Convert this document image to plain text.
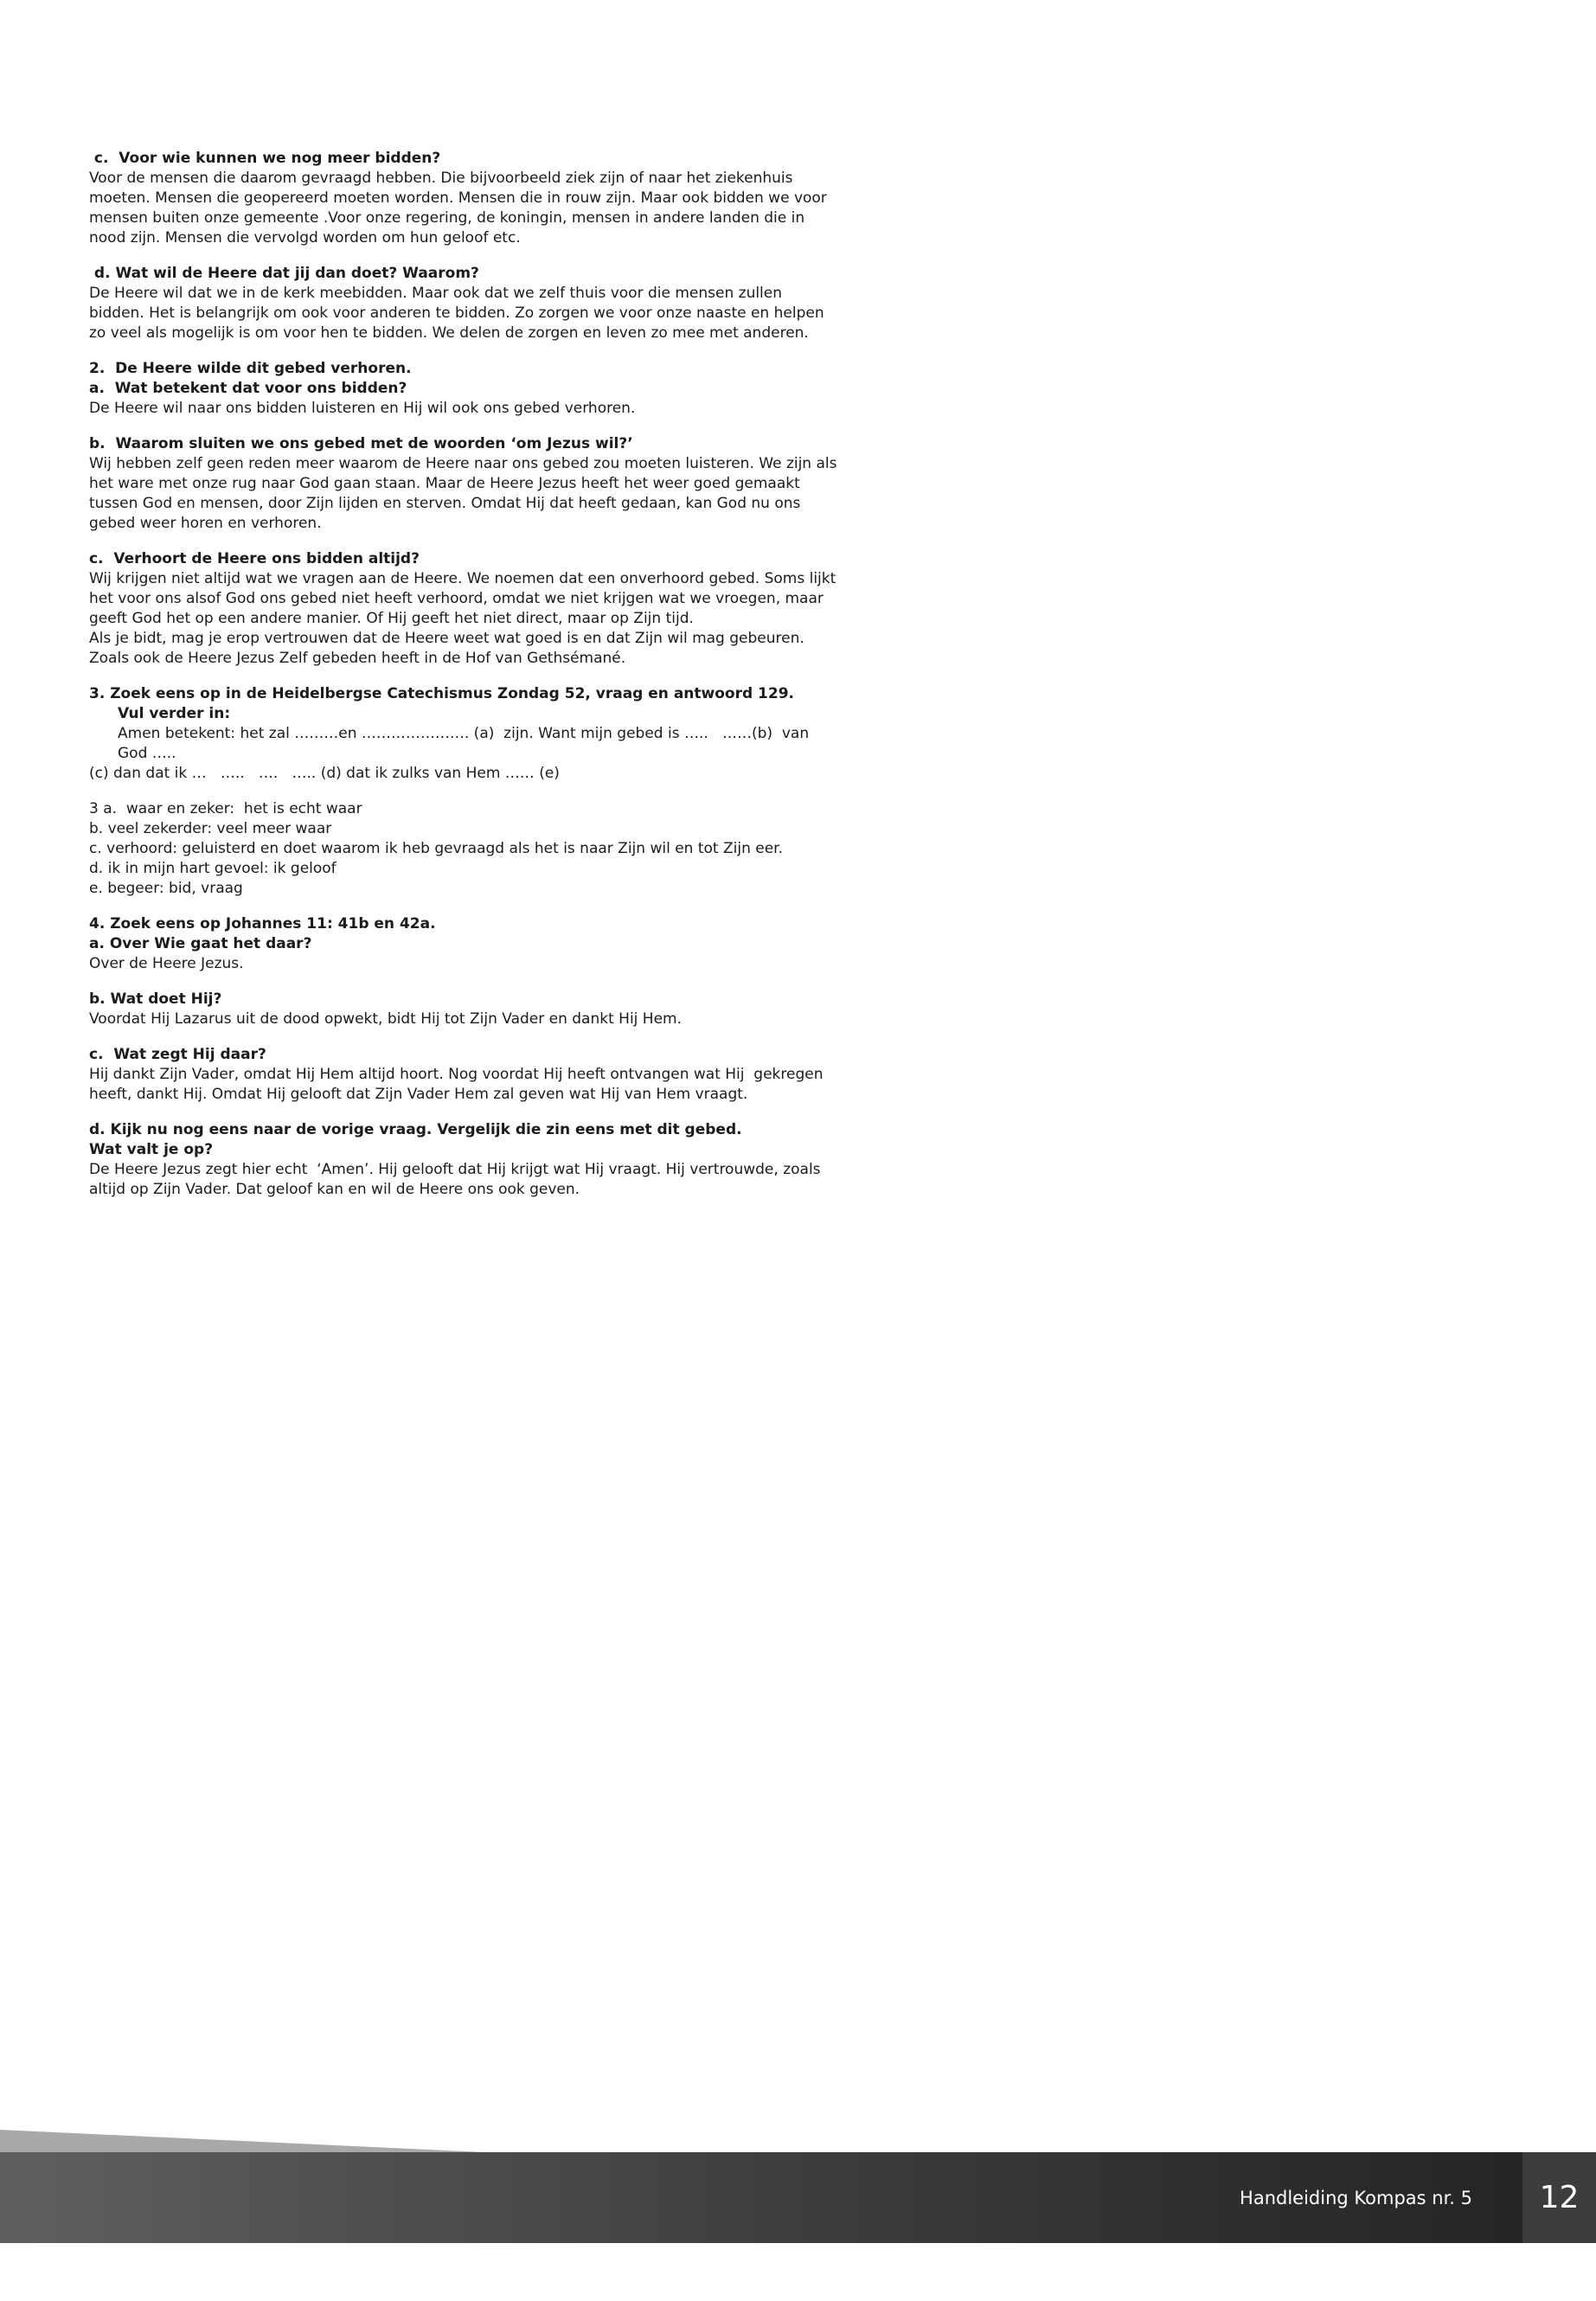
c.  Voor wie kunnen we nog meer bidden?

Voor de mensen die daarom gevraagd hebben. Die bijvoorbeeld ziek zijn of naar het ziekenhuis moeten. Mensen die geopereerd moeten worden. Mensen die in rouw zijn. Maar ook bidden we voor mensen buiten onze gemeente .Voor onze regering, de koningin, mensen in andere landen die in nood zijn. Mensen die vervolgd worden om hun geloof etc.

d. Wat wil de Heere dat jij dan doet? Waarom?

De Heere wil dat we in de kerk meebidden. Maar ook dat we zelf thuis voor die mensen zullen bidden. Het is belangrijk om ook voor anderen te bidden. Zo zorgen we voor onze naaste en helpen zo veel als mogelijk is om voor hen te bidden. We delen de zorgen en leven zo mee met anderen.

2.  De Heere wilde dit gebed verhoren.
a.  Wat betekent dat voor ons bidden?

De Heere wil naar ons bidden luisteren en Hij wil ook ons gebed verhoren.

b.  Waarom sluiten we ons gebed met de woorden ‘om Jezus wil?’

Wij hebben zelf geen reden meer waarom de Heere naar ons gebed zou moeten luisteren. We zijn als het ware met onze rug naar God gaan staan. Maar de Heere Jezus heeft het weer goed gemaakt tussen God en mensen, door Zijn lijden en sterven. Omdat Hij dat heeft gedaan, kan God nu ons gebed weer horen en verhoren.

c.  Verhoort de Heere ons bidden altijd?

Wij krijgen niet altijd wat we vragen aan de Heere. We noemen dat een onverhoord gebed. Soms lijkt het voor ons alsof God ons gebed niet heeft verhoord, omdat we niet krijgen wat we vroegen, maar geeft God het op een andere manier. Of Hij geeft het niet direct, maar op Zijn tijd.

Als je bidt, mag je erop vertrouwen dat de Heere weet wat goed is en dat Zijn wil mag gebeuren. Zoals ook de Heere Jezus Zelf gebeden heeft in de Hof van Gethsémané.

3. Zoek eens op in de Heidelbergse Catechismus Zondag 52, vraag en antwoord 129.
Vul verder in:

Amen betekent: het zal ………en …………………. (a)  zijn. Want mijn gebed is …..   ……(b)  van God …..

(c) dan dat ik …   …..   ….   ….. (d) dat ik zulks van Hem …… (e)

3 a.  waar en zeker:  het is echt waar

b. veel zekerder: veel meer waar

c. verhoord: geluisterd en doet waarom ik heb gevraagd als het is naar Zijn wil en tot Zijn eer.

d. ik in mijn hart gevoel: ik geloof

e. begeer: bid, vraag

4. Zoek eens op Johannes 11: 41b en 42a.
a. Over Wie gaat het daar?

Over de Heere Jezus.

b. Wat doet Hij?

Voordat Hij Lazarus uit de dood opwekt, bidt Hij tot Zijn Vader en dankt Hij Hem.

c.  Wat zegt Hij daar?

Hij dankt Zijn Vader, omdat Hij Hem altijd hoort. Nog voordat Hij heeft ontvangen wat Hij  gekregen heeft, dankt Hij. Omdat Hij gelooft dat Zijn Vader Hem zal geven wat Hij van Hem vraagt.

d. Kijk nu nog eens naar de vorige vraag. Vergelijk die zin eens met dit gebed.
Wat valt je op?

De Heere Jezus zegt hier echt  ‘Amen’. Hij gelooft dat Hij krijgt wat Hij vraagt. Hij vertrouwde, zoals altijd op Zijn Vader. Dat geloof kan en wil de Heere ons ook geven.

Handleiding Kompas nr. 5 12
